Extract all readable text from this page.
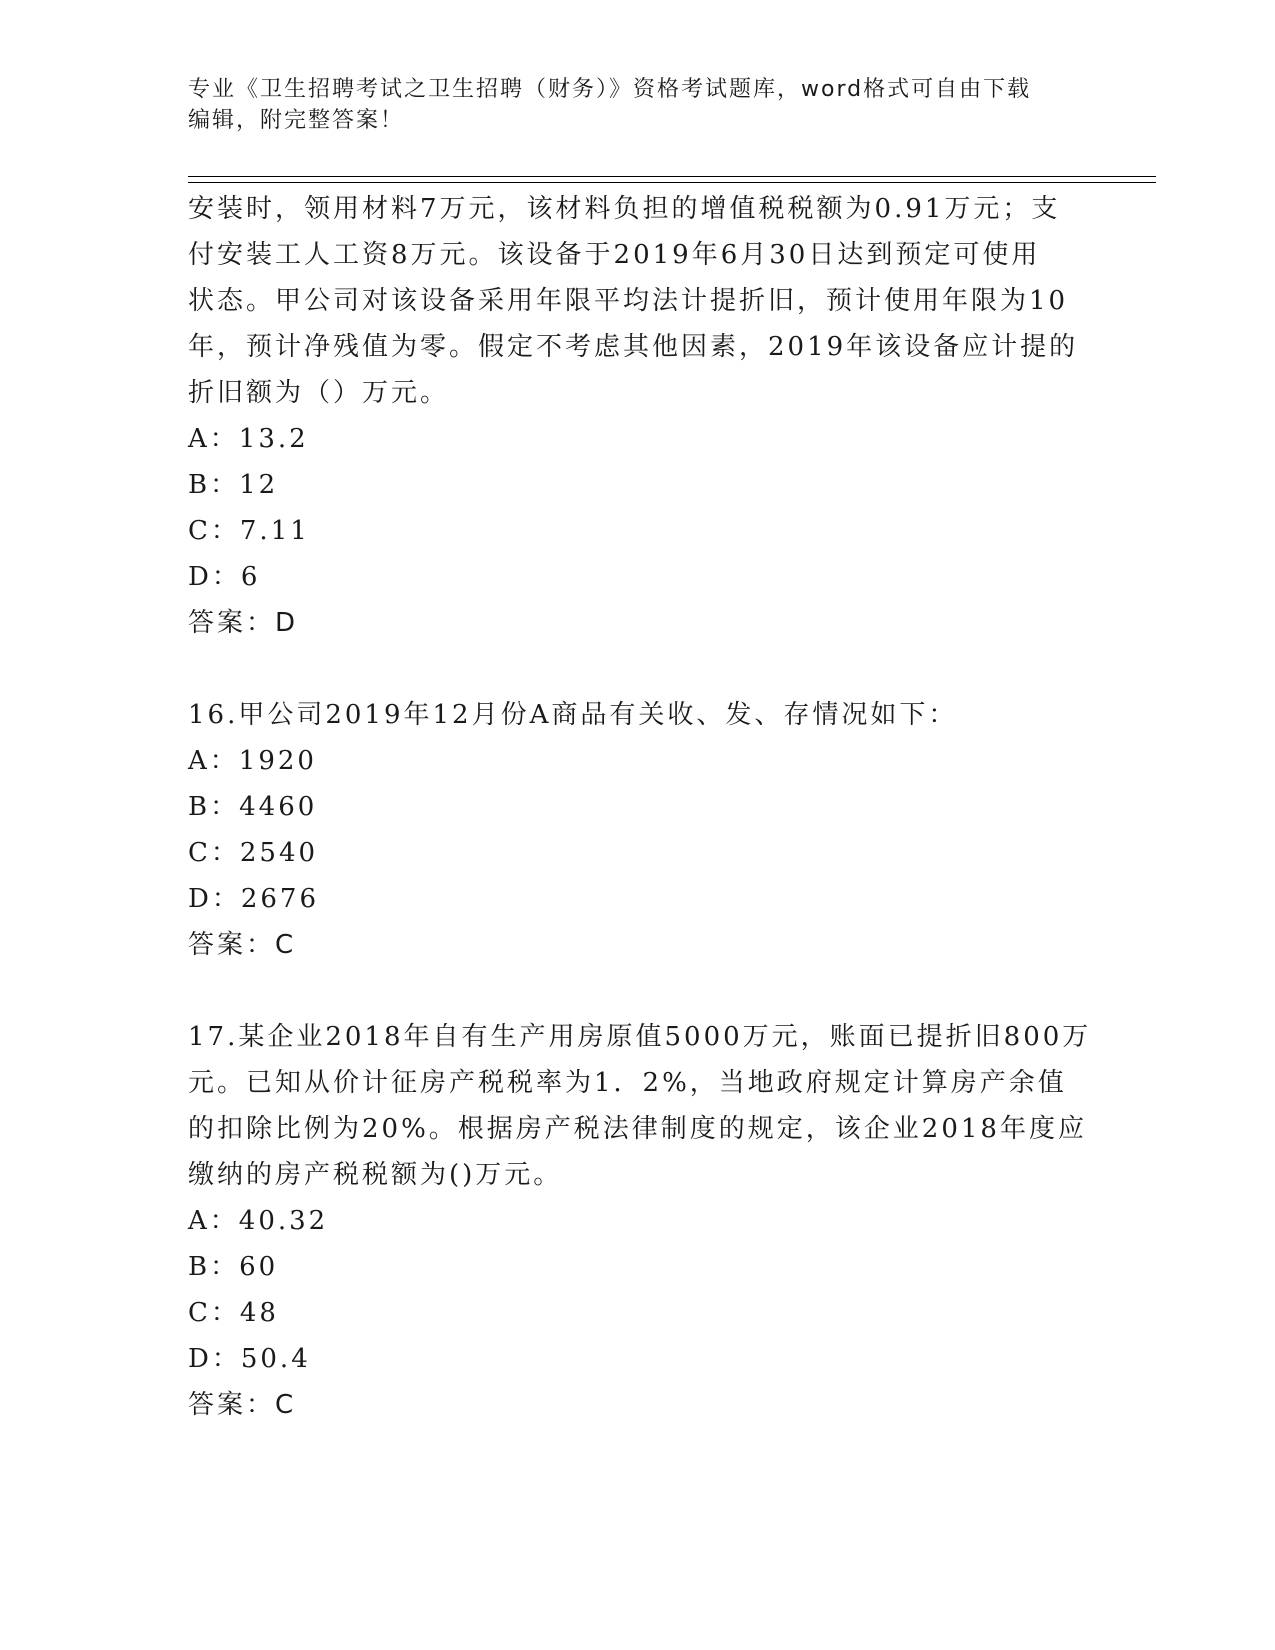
专业《卫生招聘考试之卫生招聘（财务）》资格考试题库，word格式可自由下载
编辑，附完整答案！
安装时，领用材料7万元，该材料负担的增值税税额为0.91万元；支
付安装工人工资8万元。该设备于2019年6月30日达到预定可使用
状态。甲公司对该设备采用年限平均法计提折旧，预计使用年限为10
年，预计净残值为零。假定不考虑其他因素，2019年该设备应计提的
折旧额为（）万元。
A：13.2
B：12
C：7.11
D：6
答案：D
16.甲公司2019年12月份A商品有关收、发、存情况如下：
A：1920
B：4460
C：2540
D：2676
答案：C
17.某企业2018年自有生产用房原值5000万元，账面已提折旧800万
元。已知从价计征房产税税率为1．2%，当地政府规定计算房产余值
的扣除比例为20%。根据房产税法律制度的规定，该企业2018年度应
缴纳的房产税税额为()万元。
A：40.32
B：60
C：48
D：50.4
答案：C
